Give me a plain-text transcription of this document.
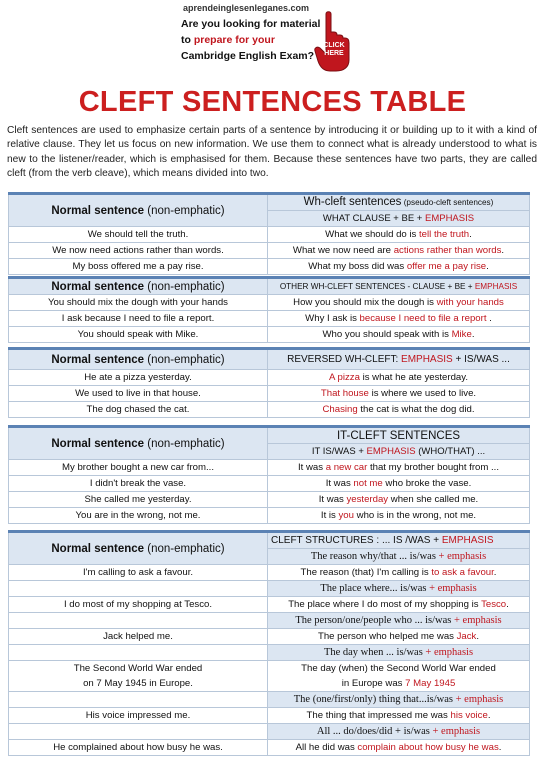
aprendeinglesenleganes.com
Are you looking for material
to prepare for your
Cambridge English Exam?
CLICK
HERE
CLEFT SENTENCES TABLE
Cleft sentences are used to emphasize certain parts of a sentence by introducing it or building up to it with a kind of relative clause. They let us focus on new information. We use them to connect what is already understood to what is new to the listener/reader, which is emphasised for them. Because these sentences have two parts, they are called cleft (from the verb cleave), which means divided into two.
Normal sentence (non-emphatic)	Wh-cleft sentences (pseudo-cleft sentences)
	WHAT CLAUSE + BE + EMPHASIS
We should tell the truth.	What we should do is tell the truth.
We now need actions rather than words.	What we now need are actions rather than words.
My boss offered me a pay rise.	What my boss did was offer me a pay rise.
Normal sentence (non-emphatic)	OTHER WH-CLEFT SENTENCES - CLAUSE + BE + EMPHASIS
You should mix the dough with your hands	How you should mix the dough is with your hands
I ask because I need to file a report.	Why I ask is because I need to file a report .
You should speak with Mike.	Who you should speak with is Mike.
Normal sentence (non-emphatic)	REVERSED WH-CLEFT: EMPHASIS + IS/WAS ...
He ate a pizza yesterday.	A pizza is what he ate yesterday.
We used to live in that house.	That house is where we used to live.
The dog chased the cat.	Chasing the cat is what the dog did.
Normal sentence (non-emphatic)	IT-CLEFT SENTENCES
	IT IS/WAS + EMPHASIS (WHO/THAT) ...
My brother bought a new car from...	It was a new car that my brother bought from ...
I didn't break the vase.	It was not me who broke the vase.
She called me yesterday.	It was yesterday when she called me.
You are in the wrong, not me.	It is you who is in the wrong, not me.
Normal sentence (non-emphatic)	CLEFT STRUCTURES : ... IS /WAS + EMPHASIS
	The reason why/that ... is/was + emphasis
I'm calling to ask a favour.	The reason (that) I'm calling is to ask a favour.
	The place where... is/was + emphasis
I do most of my shopping at Tesco.	The place where I do most of my shopping is Tesco.
	The person/one/people who ... is/was + emphasis
Jack helped me.	The person who helped me was Jack.
	The day when ... is/was + emphasis
The Second World War ended	The day (when) the Second World War ended
on 7 May 1945 in Europe.	in Europe was 7 May 1945
	The (one/first/only) thing that...is/was + emphasis
His voice impressed me.	The thing that impressed me was his voice.
	All ... do/does/did + is/was + emphasis
He complained about how busy he was.	All he did was complain about how busy he was.
